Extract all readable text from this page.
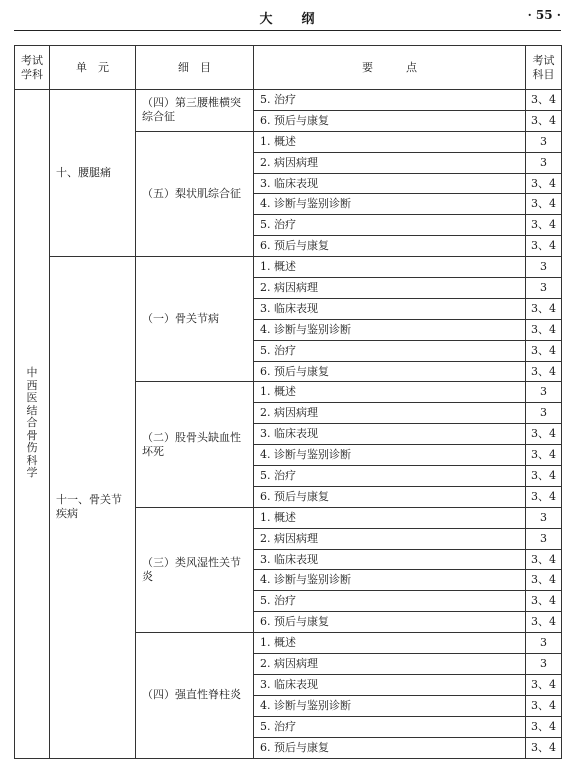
大　　纲	· 55 ·
考试学科	单　元	细　目	要　　　点	考试科目
中西医结合骨伤科学	十、腰腿痛	（四）第三腰椎横突综合征	5. 治疗	3、4
			6. 预后与康复	3、4
		（五）梨状肌综合征	1. 概述	3
			2. 病因病理	3
			3. 临床表现	3、4
			4. 诊断与鉴别诊断	3、4
			5. 治疗	3、4
			6. 预后与康复	3、4
	十一、骨关节疾病	（一）骨关节病	1. 概述	3
			2. 病因病理	3
			3. 临床表现	3、4
			4. 诊断与鉴别诊断	3、4
			5. 治疗	3、4
			6. 预后与康复	3、4
		（二）股骨头缺血性坏死	1. 概述	3
			2. 病因病理	3
			3. 临床表现	3、4
			4. 诊断与鉴别诊断	3、4
			5. 治疗	3、4
			6. 预后与康复	3、4
		（三）类风湿性关节炎	1. 概述	3
			2. 病因病理	3
			3. 临床表现	3、4
			4. 诊断与鉴别诊断	3、4
			5. 治疗	3、4
			6. 预后与康复	3、4
		（四）强直性脊柱炎	1. 概述	3
			2. 病因病理	3
			3. 临床表现	3、4
			4. 诊断与鉴别诊断	3、4
			5. 治疗	3、4
			6. 预后与康复	3、4
